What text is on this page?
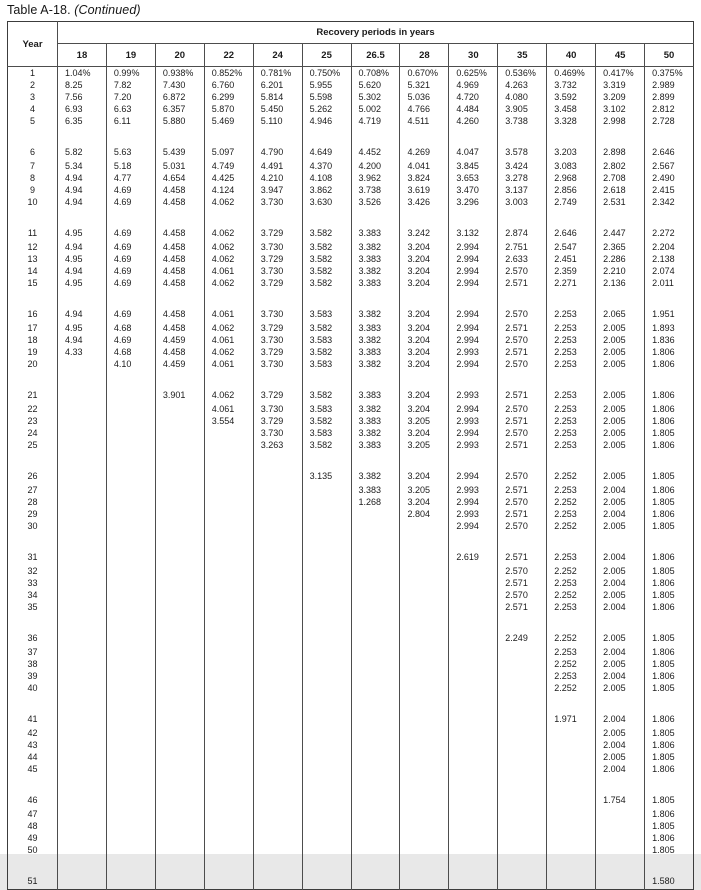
Table A-18. (Continued)
Year	Recovery periods in years												
	18	19	20	22	24	25	26.5	28	30	35	40	45	50
1	1.04%	0.99%	0.938%	0.852%	0.781%	0.750%	0.708%	0.670%	0.625%	0.536%	0.469%	0.417%	0.375%
2	8.25	7.82	7.430	6.760	6.201	5.955	5.620	5.321	4.969	4.263	3.732	3.319	2.989
3	7.56	7.20	6.872	6.299	5.814	5.598	5.302	5.036	4.720	4.080	3.592	3.209	2.899
4	6.93	6.63	6.357	5.870	5.450	5.262	5.002	4.766	4.484	3.905	3.458	3.102	2.812
5	6.35	6.11	5.880	5.469	5.110	4.946	4.719	4.511	4.260	3.738	3.328	2.998	2.728

6	5.82	5.63	5.439	5.097	4.790	4.649	4.452	4.269	4.047	3.578	3.203	2.898	2.646
7	5.34	5.18	5.031	4.749	4.491	4.370	4.200	4.041	3.845	3.424	3.083	2.802	2.567
8	4.94	4.77	4.654	4.425	4.210	4.108	3.962	3.824	3.653	3.278	2.968	2.708	2.490
9	4.94	4.69	4.458	4.124	3.947	3.862	3.738	3.619	3.470	3.137	2.856	2.618	2.415
10	4.94	4.69	4.458	4.062	3.730	3.630	3.526	3.426	3.296	3.003	2.749	2.531	2.342

11	4.95	4.69	4.458	4.062	3.729	3.582	3.383	3.242	3.132	2.874	2.646	2.447	2.272
12	4.94	4.69	4.458	4.062	3.730	3.582	3.382	3.204	2.994	2.751	2.547	2.365	2.204
13	4.95	4.69	4.458	4.062	3.729	3.582	3.383	3.204	2.994	2.633	2.451	2.286	2.138
14	4.94	4.69	4.458	4.061	3.730	3.582	3.382	3.204	2.994	2.570	2.359	2.210	2.074
15	4.95	4.69	4.458	4.062	3.729	3.582	3.383	3.204	2.994	2.571	2.271	2.136	2.011

16	4.94	4.69	4.458	4.061	3.730	3.583	3.382	3.204	2.994	2.570	2.253	2.065	1.951
17	4.95	4.68	4.458	4.062	3.729	3.582	3.383	3.204	2.994	2.571	2.253	2.005	1.893
18	4.94	4.69	4.459	4.061	3.730	3.583	3.382	3.204	2.994	2.570	2.253	2.005	1.836
19	4.33	4.68	4.458	4.062	3.729	3.582	3.383	3.204	2.993	2.571	2.253	2.005	1.806
20		4.10	4.459	4.061	3.730	3.583	3.382	3.204	2.994	2.570	2.253	2.005	1.806

21			3.901	4.062	3.729	3.582	3.383	3.204	2.993	2.571	2.253	2.005	1.806
22				4.061	3.730	3.583	3.382	3.204	2.994	2.570	2.253	2.005	1.806
23				3.554	3.729	3.582	3.383	3.205	2.993	2.571	2.253	2.005	1.806
24					3.730	3.583	3.382	3.204	2.994	2.570	2.253	2.005	1.805
25					3.263	3.582	3.383	3.205	2.993	2.571	2.253	2.005	1.806

26						3.135	3.382	3.204	2.994	2.570	2.252	2.005	1.805
27							3.383	3.205	2.993	2.571	2.253	2.004	1.806
28							1.268	3.204	2.994	2.570	2.252	2.005	1.805
29								2.804	2.993	2.571	2.253	2.004	1.806
30									2.994	2.570	2.252	2.005	1.805

31									2.619	2.571	2.253	2.004	1.806
32										2.570	2.252	2.005	1.805
33										2.571	2.253	2.004	1.806
34										2.570	2.252	2.005	1.805
35										2.571	2.253	2.004	1.806

36										2.249	2.252	2.005	1.805
37											2.253	2.004	1.806
38											2.252	2.005	1.805
39											2.253	2.004	1.806
40											2.252	2.005	1.805

41											1.971	2.004	1.806
42												2.005	1.805
43												2.004	1.806
44												2.005	1.805
45												2.004	1.806

46												1.754	1.805
47													1.806
48													1.805
49													1.806
50													1.805

51													1.580
